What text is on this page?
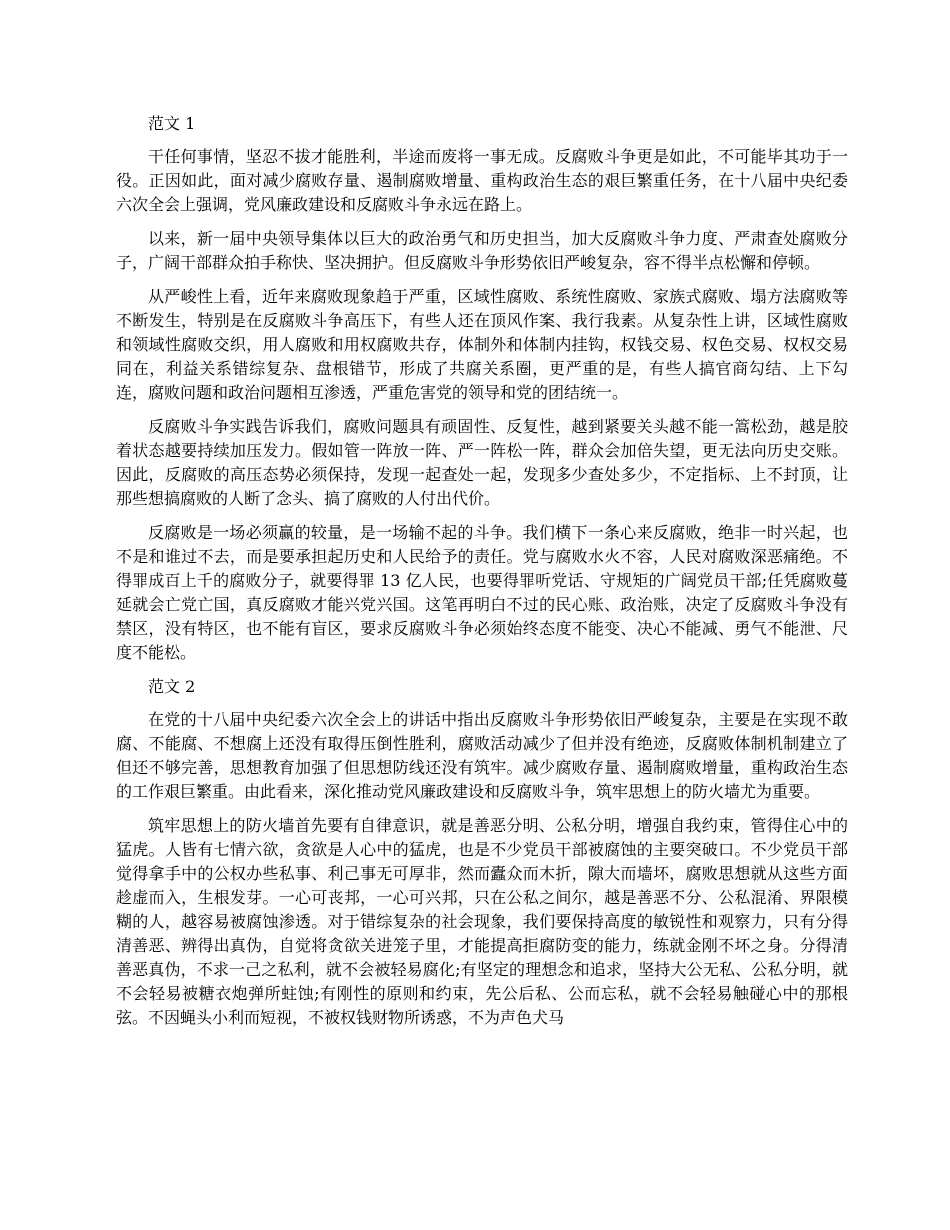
范文 1

干任何事情，坚忍不拔才能胜利，半途而废将一事无成。反腐败斗争更是如此，不可能毕其功于一役。正因如此，面对减少腐败存量、遏制腐败增量、重构政治生态的艰巨繁重任务，在十八届中央纪委六次全会上强调，党风廉政建设和反腐败斗争永远在路上。

以来，新一届中央领导集体以巨大的政治勇气和历史担当，加大反腐败斗争力度、严肃查处腐败分子，广阔干部群众拍手称快、坚决拥护。但反腐败斗争形势依旧严峻复杂，容不得半点松懈和停顿。

从严峻性上看，近年来腐败现象趋于严重，区域性腐败、系统性腐败、家族式腐败、塌方法腐败等不断发生，特别是在反腐败斗争高压下，有些人还在顶风作案、我行我素。从复杂性上讲，区域性腐败和领域性腐败交织，用人腐败和用权腐败共存，体制外和体制内挂钩，权钱交易、权色交易、权权交易同在，利益关系错综复杂、盘根错节，形成了共腐关系圈，更严重的是，有些人搞官商勾结、上下勾连，腐败问题和政治问题相互渗透，严重危害党的领导和党的团结统一。

反腐败斗争实践告诉我们，腐败问题具有顽固性、反复性，越到紧要关头越不能一篙松劲，越是胶着状态越要持续加压发力。假如管一阵放一阵、严一阵松一阵，群众会加倍失望，更无法向历史交账。因此，反腐败的高压态势必须保持，发现一起查处一起，发现多少查处多少，不定指标、上不封顶，让那些想搞腐败的人断了念头、搞了腐败的人付出代价。

反腐败是一场必须赢的较量，是一场输不起的斗争。我们横下一条心来反腐败，绝非一时兴起，也不是和谁过不去，而是要承担起历史和人民给予的责任。党与腐败水火不容，人民对腐败深恶痛绝。不得罪成百上千的腐败分子，就要得罪 13 亿人民，也要得罪听党话、守规矩的广阔党员干部;任凭腐败蔓延就会亡党亡国，真反腐败才能兴党兴国。这笔再明白不过的民心账、政治账，决定了反腐败斗争没有禁区，没有特区，也不能有盲区，要求反腐败斗争必须始终态度不能变、决心不能减、勇气不能泄、尺度不能松。

范文 2

在党的十八届中央纪委六次全会上的讲话中指出反腐败斗争形势依旧严峻复杂，主要是在实现不敢腐、不能腐、不想腐上还没有取得压倒性胜利，腐败活动减少了但并没有绝迹，反腐败体制机制建立了但还不够完善，思想教育加强了但思想防线还没有筑牢。减少腐败存量、遏制腐败增量，重构政治生态的工作艰巨繁重。由此看来，深化推动党风廉政建设和反腐败斗争，筑牢思想上的防火墙尤为重要。

筑牢思想上的防火墙首先要有自律意识，就是善恶分明、公私分明，增强自我约束，管得住心中的猛虎。人皆有七情六欲，贪欲是人心中的猛虎，也是不少党员干部被腐蚀的主要突破口。不少党员干部觉得拿手中的公权办些私事、利己事无可厚非，然而蠹众而木折，隙大而墙坏，腐败思想就从这些方面趁虚而入，生根发芽。一心可丧邦，一心可兴邦，只在公私之间尔，越是善恶不分、公私混淆、界限模糊的人，越容易被腐蚀渗透。对于错综复杂的社会现象，我们要保持高度的敏锐性和观察力，只有分得清善恶、辨得出真伪，自觉将贪欲关进笼子里，才能提高拒腐防变的能力，练就金刚不坏之身。分得清善恶真伪，不求一己之私利，就不会被轻易腐化;有坚定的理想念和追求，坚持大公无私、公私分明，就不会轻易被糖衣炮弹所蛀蚀;有刚性的原则和约束，先公后私、公而忘私，就不会轻易触碰心中的那根弦。不因蝇头小利而短视，不被权钱财物所诱惑，不为声色犬马
